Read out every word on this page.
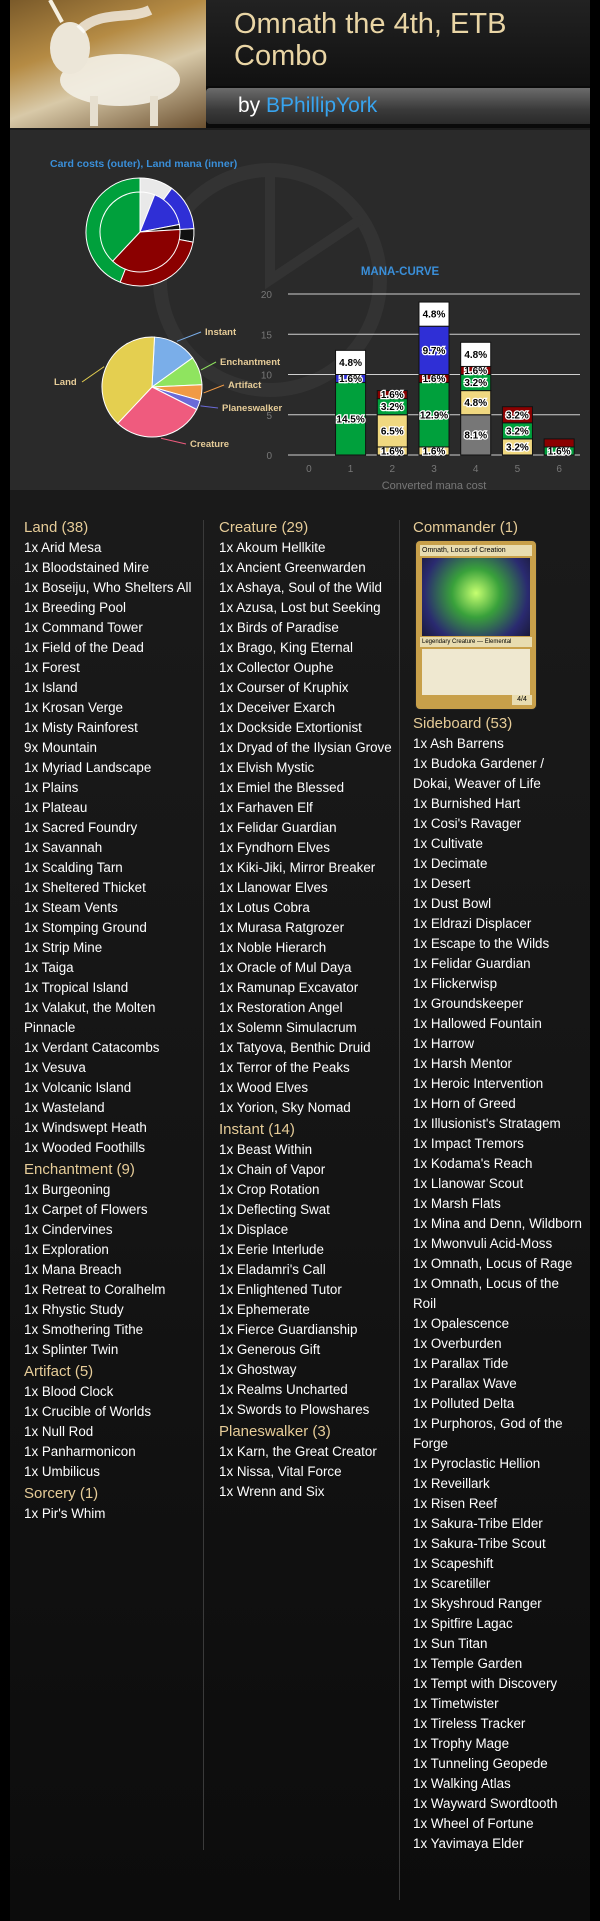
Omnath the 4th, ETB Combo
by BPhillipYork
Card costs (outer), Land mana (inner)
Instant
Enchantment
Artifact
Planeswalker
Creature
Land
MANA-CURVE
0
5
10
15
20
0	1	2	3	4	5	6
Converted mana cost
14.5%
1.6%
4.8%
1.6%
6.5%
3.2%
1.6%
1.6%
12.9%
1.6%
9.7%
4.8%
8.1%
4.8%
3.2%
1.6%
4.8%
3.2%
3.2%
3.2%
1.6%
Land (38)
1x Arid Mesa
1x Bloodstained Mire
1x Boseiju, Who Shelters All
1x Breeding Pool
1x Command Tower
1x Field of the Dead
1x Forest
1x Island
1x Krosan Verge
1x Misty Rainforest
9x Mountain
1x Myriad Landscape
1x Plains
1x Plateau
1x Sacred Foundry
1x Savannah
1x Scalding Tarn
1x Sheltered Thicket
1x Steam Vents
1x Stomping Ground
1x Strip Mine
1x Taiga
1x Tropical Island
1x Valakut, the Molten Pinnacle
1x Verdant Catacombs
1x Vesuva
1x Volcanic Island
1x Wasteland
1x Windswept Heath
1x Wooded Foothills
Enchantment (9)
1x Burgeoning
1x Carpet of Flowers
1x Cindervines
1x Exploration
1x Mana Breach
1x Retreat to Coralhelm
1x Rhystic Study
1x Smothering Tithe
1x Splinter Twin
Artifact (5)
1x Blood Clock
1x Crucible of Worlds
1x Null Rod
1x Panharmonicon
1x Umbilicus
Sorcery (1)
1x Pir's Whim
Creature (29)
1x Akoum Hellkite
1x Ancient Greenwarden
1x Ashaya, Soul of the Wild
1x Azusa, Lost but Seeking
1x Birds of Paradise
1x Brago, King Eternal
1x Collector Ouphe
1x Courser of Kruphix
1x Deceiver Exarch
1x Dockside Extortionist
1x Dryad of the Ilysian Grove
1x Elvish Mystic
1x Emiel the Blessed
1x Farhaven Elf
1x Felidar Guardian
1x Fyndhorn Elves
1x Kiki-Jiki, Mirror Breaker
1x Llanowar Elves
1x Lotus Cobra
1x Murasa Ratgrozer
1x Noble Hierarch
1x Oracle of Mul Daya
1x Ramunap Excavator
1x Restoration Angel
1x Solemn Simulacrum
1x Tatyova, Benthic Druid
1x Terror of the Peaks
1x Wood Elves
1x Yorion, Sky Nomad
Instant (14)
1x Beast Within
1x Chain of Vapor
1x Crop Rotation
1x Deflecting Swat
1x Displace
1x Eerie Interlude
1x Eladamri's Call
1x Enlightened Tutor
1x Ephemerate
1x Fierce Guardianship
1x Generous Gift
1x Ghostway
1x Realms Uncharted
1x Swords to Plowshares
Planeswalker (3)
1x Karn, the Great Creator
1x Nissa, Vital Force
1x Wrenn and Six
Commander (1)
Omnath, Locus of Creation
Legendary Creature — Elemental
4/4
Sideboard (53)
1x Ash Barrens
1x Budoka Gardener / Dokai, Weaver of Life
1x Burnished Hart
1x Cosi's Ravager
1x Cultivate
1x Decimate
1x Desert
1x Dust Bowl
1x Eldrazi Displacer
1x Escape to the Wilds
1x Felidar Guardian
1x Flickerwisp
1x Groundskeeper
1x Hallowed Fountain
1x Harrow
1x Harsh Mentor
1x Heroic Intervention
1x Horn of Greed
1x Illusionist's Stratagem
1x Impact Tremors
1x Kodama's Reach
1x Llanowar Scout
1x Marsh Flats
1x Mina and Denn, Wildborn
1x Mwonvuli Acid-Moss
1x Omnath, Locus of Rage
1x Omnath, Locus of the Roil
1x Opalescence
1x Overburden
1x Parallax Tide
1x Parallax Wave
1x Polluted Delta
1x Purphoros, God of the Forge
1x Pyroclastic Hellion
1x Reveillark
1x Risen Reef
1x Sakura-Tribe Elder
1x Sakura-Tribe Scout
1x Scapeshift
1x Scaretiller
1x Skyshroud Ranger
1x Spitfire Lagac
1x Sun Titan
1x Temple Garden
1x Tempt with Discovery
1x Timetwister
1x Tireless Tracker
1x Trophy Mage
1x Tunneling Geopede
1x Walking Atlas
1x Wayward Swordtooth
1x Wheel of Fortune
1x Yavimaya Elder
